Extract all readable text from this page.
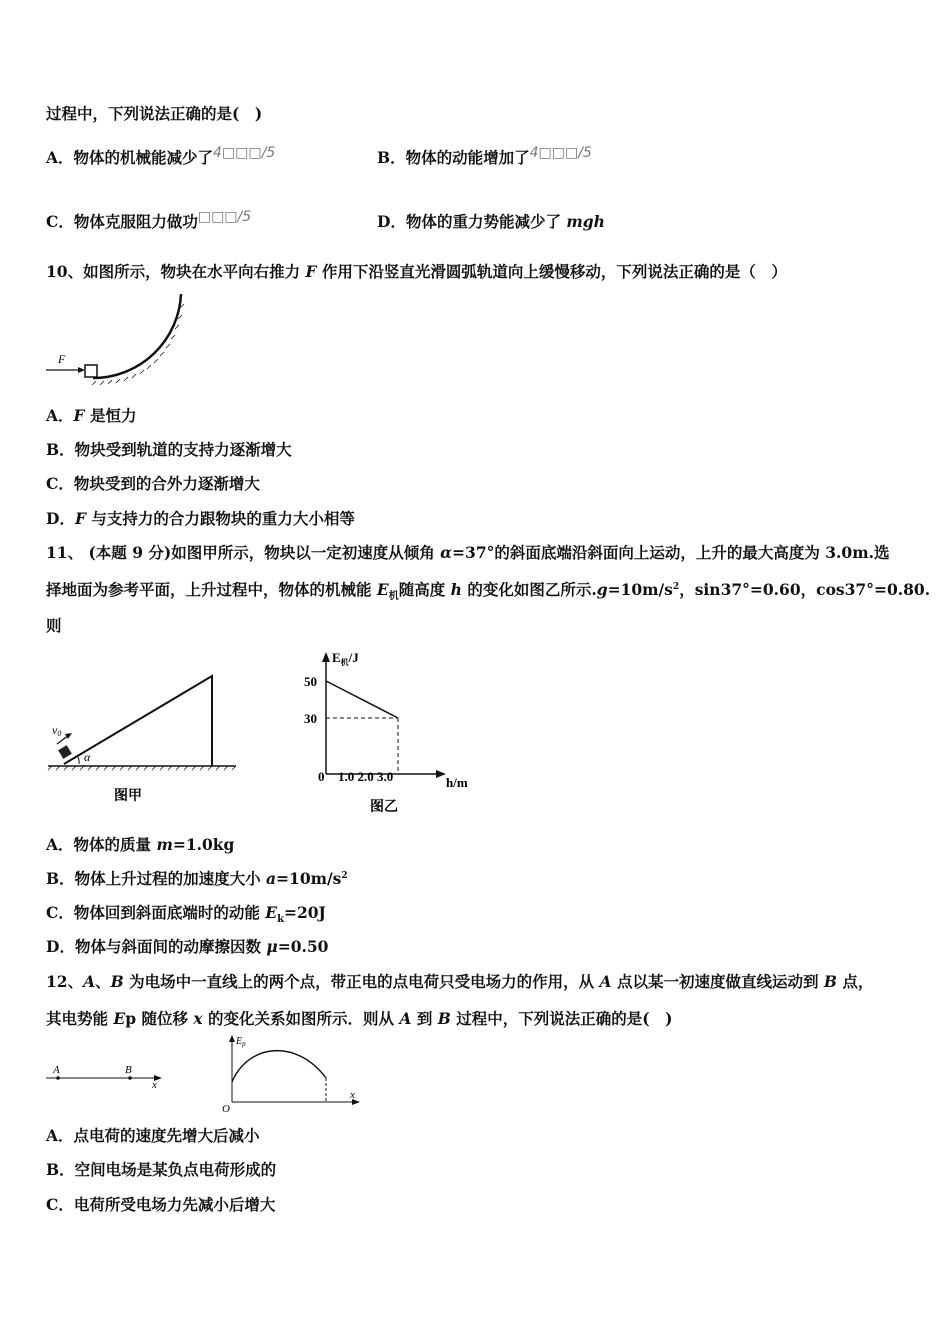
过程中，下列说法正确的是(　)
A．物体的机械能减少了4□□□/5	B．物体的动能增加了4□□□/5
C．物体克服阻力做功□□□/5	D．物体的重力势能减少了 mgh
10、如图所示，物块在水平向右推力 F 作用下沿竖直光滑圆弧轨道向上缓慢移动，下列说法正确的是（　）
F
A．F 是恒力
B．物块受到轨道的支持力逐渐增大
C．物块受到的合外力逐渐增大
D．F 与支持力的合力跟物块的重力大小相等
11、 (本题 9 分)如图甲所示，物块以一定初速度从倾角 α=37°的斜面底端沿斜面向上运动，上升的最大高度为 3.0m.选
择地面为参考平面，上升过程中，物体的机械能 $E_机$随高度 h 的变化如图乙所示$.g=10m/s^2$，sin37°=0.60，cos37°=0.80.
则
v0
α
图甲
$E_机/J$
50
30
0 1.0 2.0 3.0	h/m
图乙
A．物体的质量 m=1.0kg
B．物体上升过程的加速度大小 $a=10m/s^2$
C．物体回到斜面底端时的动能 $E_k=20J$
D．物体与斜面间的动摩擦因数 μ=0.50
12、A、B 为电场中一直线上的两个点，带正电的点电荷只受电场力的作用，从 A 点以某一初速度做直线运动到 B 点，
其电势能 Ep 随位移 x 的变化关系如图所示．则从 A 到 B 过程中，下列说法正确的是(　)
A	B
x
$E_p$
O
x
A．点电荷的速度先增大后减小
B．空间电场是某负点电荷形成的
C．电荷所受电场力先减小后增大
